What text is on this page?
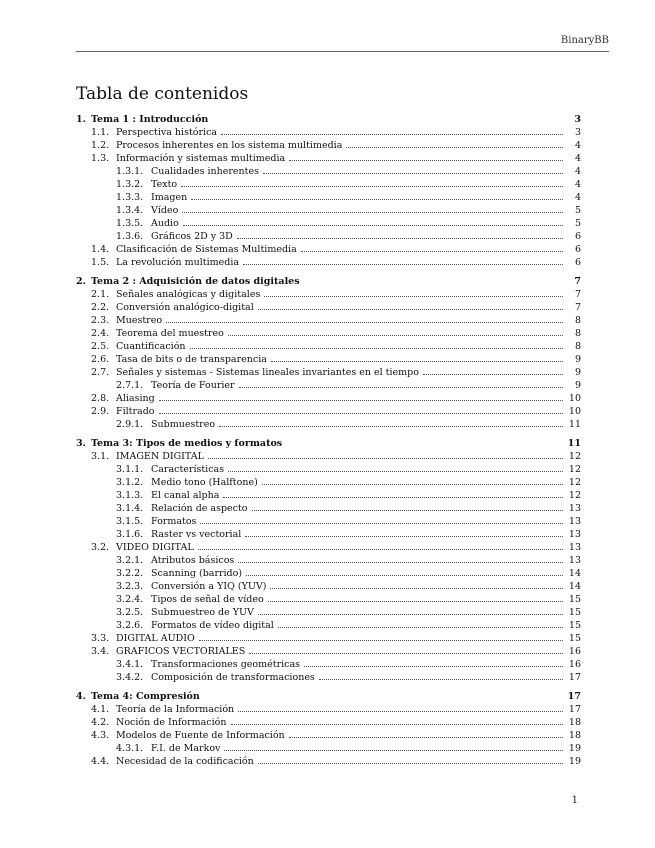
BinaryBB
Tabla de contenidos
1. Tema 1 : Introducción	3
1.1. Perspectiva histórica	3
1.2. Procesos inherentes en los sistema multimedia	4
1.3. Información y sistemas multimedia	4
1.3.1. Cualidades inherentes	4
1.3.2. Texto	4
1.3.3. Imagen	4
1.3.4. Vídeo	5
1.3.5. Audio	5
1.3.6. Gráficos 2D y 3D	6
1.4. Clasificación de Sistemas Multimedia	6
1.5. La revolución multimedia	6
2. Tema 2 : Adquisición de datos digitales	7
2.1. Señales analógicas y digitales	7
2.2. Conversión analógico-digital	7
2.3. Muestreo	8
2.4. Teorema del muestreo	8
2.5. Cuantificación	8
2.6. Tasa de bits o de transparencia	9
2.7. Señales y sistemas - Sistemas lineales invariantes en el tiempo	9
2.7.1. Teoría de Fourier	9
2.8. Aliasing	10
2.9. Filtrado	10
2.9.1. Submuestreo	11
3. Tema 3: Tipos de medios y formatos	11
3.1. IMAGEN DIGITAL	12
3.1.1. Características	12
3.1.2. Medio tono (Halftone)	12
3.1.3. El canal alpha	12
3.1.4. Relación de aspecto	13
3.1.5. Formatos	13
3.1.6. Raster vs vectorial	13
3.2. VIDEO DIGITAL	13
3.2.1. Atributos básicos	13
3.2.2. Scanning (barrido)	14
3.2.3. Conversión a YIQ (YUV)	14
3.2.4. Tipos de señal de vídeo	15
3.2.5. Submuestreo de YUV	15
3.2.6. Formatos de vídeo digital	15
3.3. DIGITAL AUDIO	15
3.4. GRAFICOS VECTORIALES	16
3.4.1. Transformaciones geométricas	16
3.4.2. Composición de transformaciones	17
4. Tema 4: Compresión	17
4.1. Teoría de la Información	17
4.2. Noción de Información	18
4.3. Modelos de Fuente de Información	18
4.3.1. F.I. de Markov	19
4.4. Necesidad de la codificación	19
1
